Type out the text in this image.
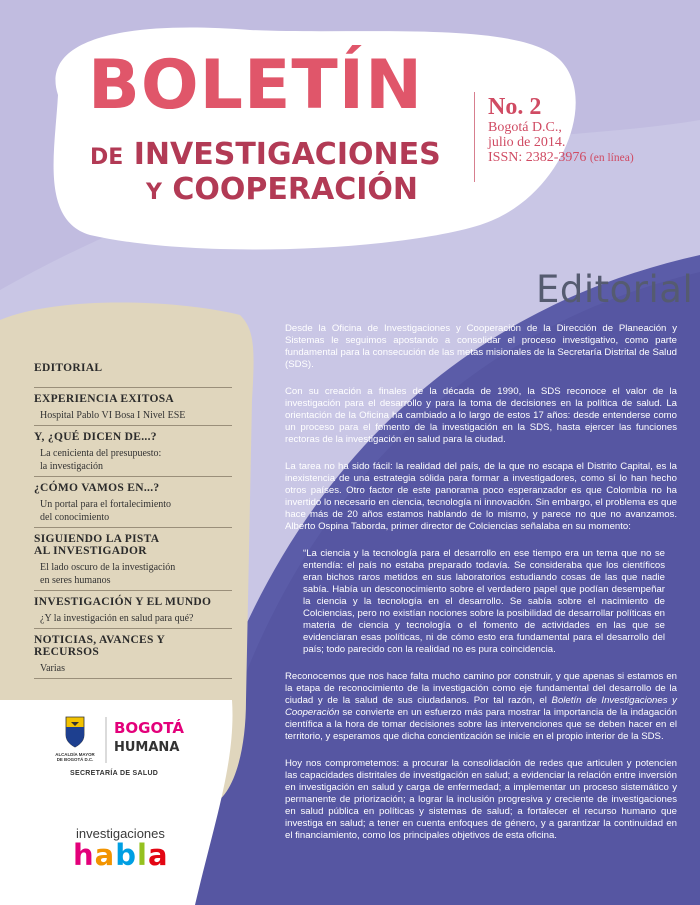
BOLETÍN
DE INVESTIGACIONES
Y COOPERACIÓN
No. 2
Bogotá D.C.,
julio de 2014.
ISSN: 2382-3976 (en línea)
Editorial
EDITORIAL
EXPERIENCIA EXITOSA
Hospital Pablo VI Bosa I Nivel ESE
Y, ¿QUÉ DICEN DE...?
La cenicienta del presupuesto:
la investigación
¿CÓMO VAMOS EN...?
Un portal para el fortalecimiento
del conocimiento
SIGUIENDO LA PISTA
AL INVESTIGADOR
El lado oscuro de la investigación
en seres humanos
INVESTIGACIÓN Y EL MUNDO
¿Y la investigación en salud para qué?
NOTICIAS, AVANCES Y RECURSOS
Varias
ALCALDÍA MAYOR
DE BOGOTÁ D.C.
BOGOTÁ
HUMANA
SECRETARÍA DE SALUD
investigaciones
habla

Desde la Oficina de Investigaciones y Cooperación de la Dirección de Planeación y Sistemas le seguimos apostando a consolidar el proceso investigativo, como parte fundamental para la consecución de las metas misionales de la Secretaría Distrital de Salud (SDS).

Con su creación a finales de la década de 1990, la SDS reconoce el valor de la investigación para el desarrollo y para la toma de decisiones en la política de salud. La orientación de la Oficina ha cambiado a lo largo de estos 17 años: desde entenderse como un proceso para el fomento de la investigación en la SDS, hasta ejercer las funciones rectoras de la investigación en salud para la ciudad.

La tarea no ha sido fácil: la realidad del país, de la que no escapa el Distrito Capital, es la inexistencia de una estrategia sólida para formar a investigadores, como sí lo han hecho otros países. Otro factor de este panorama poco esperanzador es que Colombia no ha invertido lo necesario en ciencia, tecnología ni innovación. Sin embargo, el problema es que hace más de 20 años estamos hablando de lo mismo, y parece no que no avanzamos. Alberto Ospina Taborda, primer director de Colciencias señalaba en su momento:

“La ciencia y la tecnología para el desarrollo en ese tiempo era un tema que no se entendía: el país no estaba preparado todavía. Se consideraba que los científicos eran bichos raros metidos en sus laboratorios estudiando cosas de las que nadie sabía. Había un desconocimiento sobre el verdadero papel que podían desempeñar la ciencia y la tecnología en el desarrollo. Se sabía sobre el nacimiento de Colciencias, pero no existían nociones sobre la posibilidad de desarrollar políticas en materia de ciencia y tecnología o el fomento de actividades en las que se evidenciaran esas políticas, ni de cómo esto era fundamental para el desarrollo del país; todo parecido con la realidad no es pura coincidencia.

Reconocemos que nos hace falta mucho camino por construir, y que apenas si estamos en la etapa de reconocimiento de la investigación como eje fundamental del desarrollo de la ciudad y de la salud de sus ciudadanos. Por tal razón, el Boletín de Investigaciones y Cooperación se convierte en un esfuerzo más para mostrar la importancia de la indagación científica a la hora de tomar decisiones sobre las intervenciones que se deben hacer en el territorio, y esperamos que dicha concientización se inicie en el propio interior de la SDS.

Hoy nos comprometemos: a procurar la consolidación de redes que articulen y potencien las capacidades distritales de investigación en salud; a evidenciar la relación entre inversión en investigación en salud y carga de enfermedad; a implementar un proceso sistemático y permanente de priorización; a lograr la inclusión progresiva y creciente de investigaciones en salud pública en políticas y sistemas de salud; a fortalecer el recurso humano que investiga en salud; a tener en cuenta enfoques de género, y a garantizar la continuidad en el financiamiento, como los principales objetivos de esta oficina.
